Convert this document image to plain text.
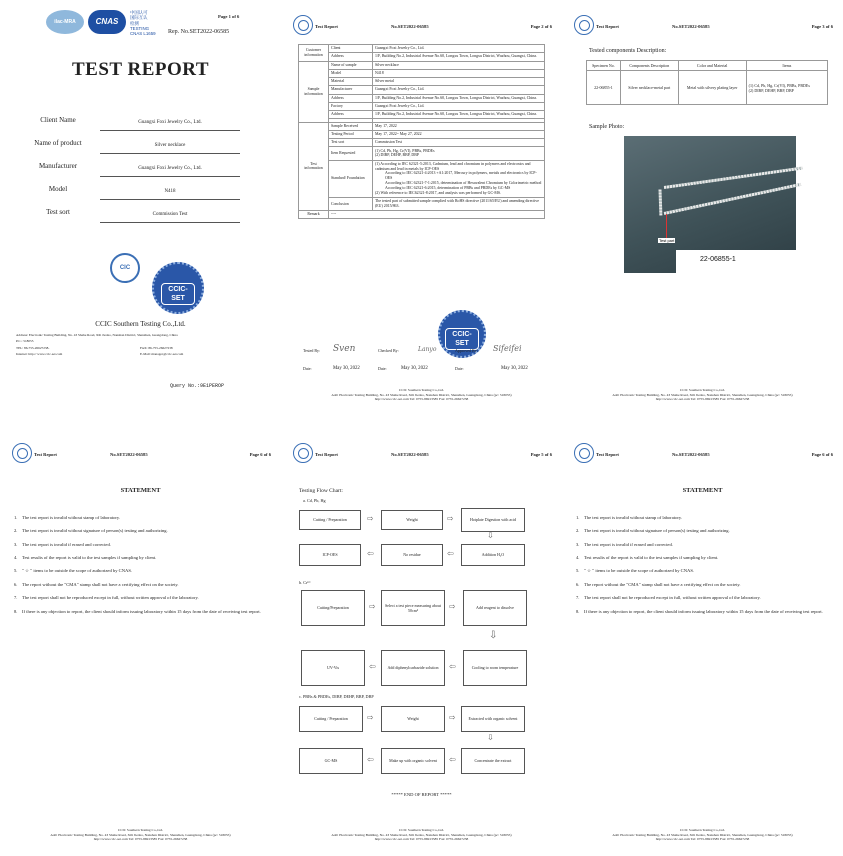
ilac-MRA	CNAS
中国认可
国际互认
检测
TESTING
CNAS L1659
Page 1 of 6
Rep. No.SET2022-06585
TEST REPORT
Client Name	Guangxi Foxi Jewelry Co., Ltd.
Name of product	Silver necklace
Manufacturer	Guangxi Foxi Jewelry Co., Ltd.
Model	N418
Test sort	Commission Test
CIC
CCIC-SET
CCIC Southern Testing Co.,Ltd.
Address: Electronic Testing Building, No. 43 Shahe Road, Xili Jiedao, Nanshan District, Shenzhen, Guangdong, China
P.C.: 518055
TEL: 86-755-26627238-	FAX: 86-755-26627238
Internet: http:// www.ccic-set.com	E-Mail: manager@ccic-set.com
Query No.:9E1PEROP
Test Report	No.SET2022-06585	Page 2 of 6
Customer information	Client	Guangxi Foxi Jewelry Co., Ltd.
	Address	1/F, Building No.2, Industrial Avenue No.60, Longxu Town, Longxu District, Wuzhou, Guangxi, China.
Sample information	Name of sample	Silver necklace
	Model	N418
	Material	Silver metal
	Manufacturer	Guangxi Foxi Jewelry Co., Ltd.
	Address	1/F, Building No.2, Industrial Avenue No.60, Longxu Town, Longxu District, Wuzhou, Guangxi, China.
	Factory	Guangxi Foxi Jewelry Co., Ltd.
	Address	1/F, Building No.2, Industrial Avenue No.60, Longxu Town, Longxu District, Wuzhou, Guangxi, China.

Test information	Sample Received	May 17, 2022
	Testing Period	May 17, 2022~ May 27, 2022
	Test sort	Commission Test
	Item Requested	(1) Cd, Pb, Hg, Cr(VI), PBBs, PBDEs
(2) DIBP, DEHP, BBP, DBP

	Standard/ Foundation	(1) According to IEC 62321-5:2013, Cadmium, lead and chromium in polymers and electronics and cadmium and lead in metals by ICP-OES
According to IEC 62321-4:2013 +A1:2017, Mercury in polymers, metals and electronics by ICP-OES
According to IEC 62321-7-1:2015, determination of Hexavalent Chromium by Colorimetric method
According to IEC 62321-6:2015, determination of PBBs and PBDEs by GC-MS
(2) With reference to IEC62321-8:2017, and analysis was performed by GC-MS.

	Conclusion	The tested part of submitted sample complied with RoHS directive (2011/65/EU) and amending directive (EU) 2015/863.
Remark	----	
CCIC-SET
Tested By: Sven	Checked By:	Lanyo	Approved By: Sifeifei
Date:	May 30, 2022	Date:	May 30, 2022	Date:	May 30, 2022
CCIC Southern Testing Co.,Ltd.
Add: Electronic Testing Building, No. 43 Shahe Road, Xili Jiedao, Nanshan District, Shenzhen, Guangdong, China (pc: 518055)
http://www.ccic-set.com Tel: 0755-86913585 Fax: 0755-26627238
Test Report	No.SET2022-06585	Page 3 of 6
Tested components Description:
Specimen No.	Components Description	Color and Material	Items
22-06855-1	Silver necklace-metal part	Metal with silvery plating layer	(1) Cd, Pb, Hg, Cr(VI), PBBs, PBDEs
(2) DIBP, DEHP, BBP, DBP
Sample Photo:
Test part
22-06855-1
CCIC Southern Testing Co.,Ltd.
Add: Electronic Testing Building, No. 43 Shahe Road, Xili Jiedao, Nanshan District, Shenzhen, Guangdong, China (pc: 518055)
http://www.ccic-set.com Tel: 0755-86913585 Fax: 0755-26627238
Test Report	No.SET2022-06585	Page 6 of 6
STATEMENT
1. The test report is invalid without stamp of laboratory.
2. The test report is invalid without signature of person(s) testing and authorizing.
3. The test report is invalid if erased and corrected.
4. Test results of the report is valid to the test samples if sampling by client.
5. " ☆ " items to be outside the scope of authorized by CNAS.
6. The report without the "CMA" stamp shall not have a certifying effect on the society.
7. The test report shall not be reproduced except in full, without written approval of the laboratory.
8. If there is any objection to report, the client should inform issuing laboratory within 15 days from the date of receiving test report.
CCIC Southern Testing Co.,Ltd.
Add: Electronic Testing Building, No. 43 Shahe Road, Xili Jiedao, Nanshan District, Shenzhen, Guangdong, China (pc: 518055)
http://www.ccic-set.com Tel: 0755-86913585 Fax: 0755-26627238
Test Report	No.SET2022-06585	Page 5 of 6
Testing Flow Chart:
a. Cd, Pb, Hg
Cutting / Preparation	⇨	Weight	⇨	Hotplate Digestion with acid
⇩
ICP-OES	⇦	No residue	⇦	Addition H₂O
b. Cr⁶⁺
Cutting/Preparation	⇨	Select a test piece measuring about 50cm²	⇨	Add reagent to dissolve
⇩
UV-Vis	⇦	Add diphenylcarbazide solution	⇦	Cooling to room temperature
c. PBBs & PBDEs, DIBP, DEHP, BBP, DBP
Cutting / Preparation	⇨	Weight	⇨	Extracted with organic solvent
⇩
GC-MS	⇦	Make up with organic solvent	⇦	Concentrate the extract
***** END OF REPORT *****
CCIC Southern Testing Co.,Ltd.
Add: Electronic Testing Building, No. 43 Shahe Road, Xili Jiedao, Nanshan District, Shenzhen, Guangdong, China (pc: 518055)
http://www.ccic-set.com Tel: 0755-86913585 Fax: 0755-26627238
Test Report	No.SET2022-06585	Page 6 of 6
STATEMENT
1. The test report is invalid without stamp of laboratory.
2. The test report is invalid without signature of person(s) testing and authorizing.
3. The test report is invalid if erased and corrected.
4. Test results of the report is valid to the test samples if sampling by client.
5. " ☆ " items to be outside the scope of authorized by CNAS.
6. The report without the "CMA" stamp shall not have a certifying effect on the society.
7. The test report shall not be reproduced except in full, without written approval of the laboratory.
8. If there is any objection to report, the client should inform issuing laboratory within 15 days from the date of receiving test report.
CCIC Southern Testing Co.,Ltd.
Add: Electronic Testing Building, No. 43 Shahe Road, Xili Jiedao, Nanshan District, Shenzhen, Guangdong, China (pc: 518055)
http://www.ccic-set.com Tel: 0755-86913585 Fax: 0755-26627238
